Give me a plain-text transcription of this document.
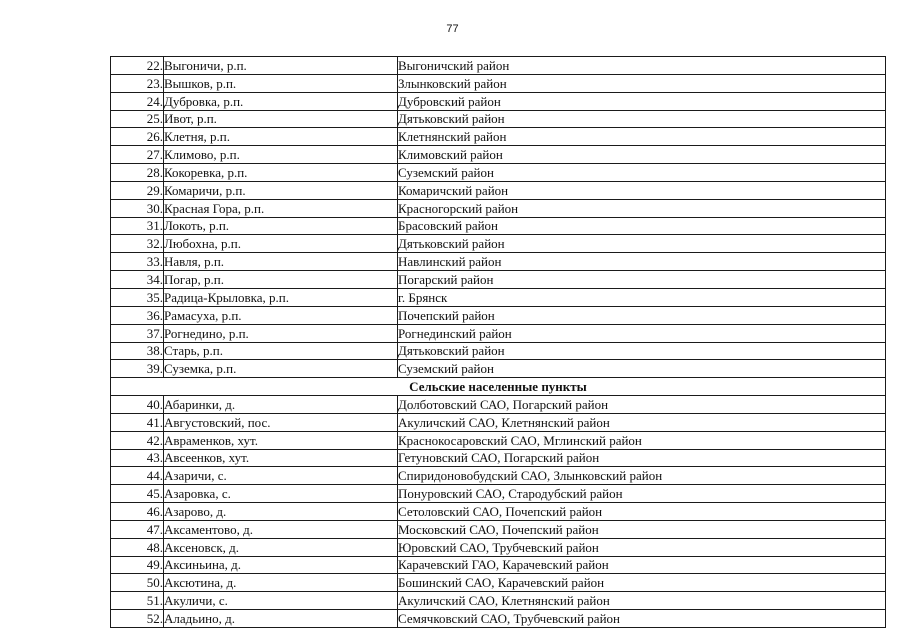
77
22.	Выгоничи, р.п.	Выгоничский район
23.	Вышков, р.п.	Злынковский район
24.	Дубровка, р.п.	Дубровский район
25.	Ивот, р.п.	Дятьковский район
26.	Клетня, р.п.	Клетнянский район
27.	Климово, р.п.	Климовский район
28.	Кокоревка, р.п.	Суземский район
29.	Комаричи, р.п.	Комаричский район
30.	Красная Гора, р.п.	Красногорский район
31.	Локоть, р.п.	Брасовский район
32.	Любохна, р.п.	Дятьковский район
33.	Навля, р.п.	Навлинский район
34.	Погар, р.п.	Погарский район
35.	Радица-Крыловка, р.п.	г. Брянск
36.	Рамасуха, р.п.	Почепский район
37.	Рогнедино, р.п.	Рогнединский район
38.	Старь, р.п.	Дятьковский район
39.	Суземка, р.п.	Суземский район
Сельские населенные пункты		
40.	Абаринки, д.	Долботовский САО, Погарский район
41.	Августовский, пос.	Акуличский САО, Клетнянский район
42.	Авраменков, хут.	Краснокосаровский САО, Мглинский район
43.	Авсеенков, хут.	Гетуновский САО, Погарский район
44.	Азаричи, с.	Спиридоновобудский САО, Злынковский район
45.	Азаровка, с.	Понуровский САО, Стародубский район
46.	Азарово, д.	Сетоловский САО, Почепский район
47.	Аксаментово, д.	Московский САО, Почепский район
48.	Аксеновск, д.	Юровский САО, Трубчевский район
49.	Аксиньина, д.	Карачевский ГАО, Карачевский район
50.	Аксютина, д.	Бошинский САО, Карачевский район
51.	Акуличи, с.	Акуличский САО, Клетнянский район
52.	Аладьино, д.	Семячковский САО, Трубчевский район
